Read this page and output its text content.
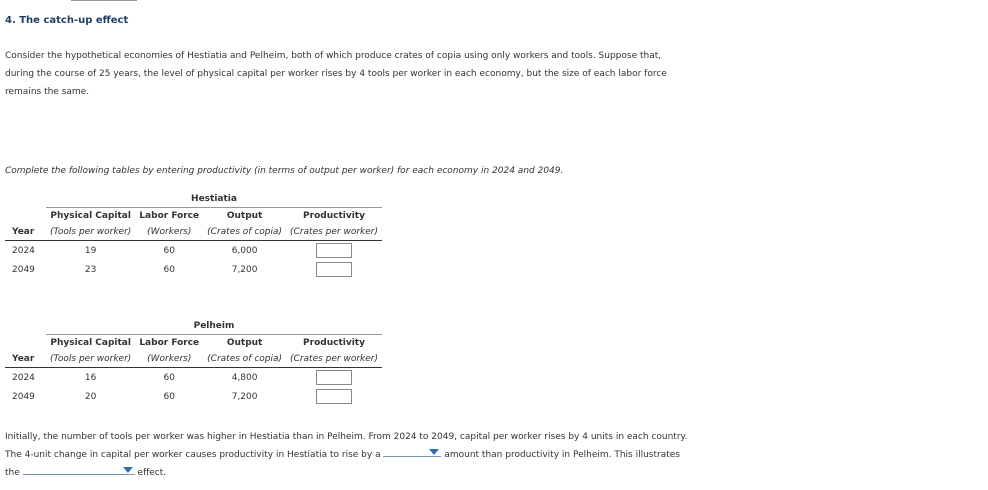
4. The catch-up effect

Consider the hypothetical economies of Hestiatia and Pelheim, both of which produce crates of copia using only workers and tools. Suppose that, during the course of 25 years, the level of physical capital per worker rises by 4 tools per worker in each economy, but the size of each labor force remains the same.

Complete the following tables by entering productivity (in terms of output per worker) for each economy in 2024 and 2049.

	Hestiatia			
	Physical Capital	Labor Force	Output	Productivity
Year	(Tools per worker)	(Workers)	(Crates of copia)	(Crates per worker)
2024	19	60	6,000	
2049	23	60	7,200	
	Pelheim			
	Physical Capital	Labor Force	Output	Productivity
Year	(Tools per worker)	(Workers)	(Crates of copia)	(Crates per worker)
2024	16	60	4,800	
2049	20	60	7,200	

Initially, the number of tools per worker was higher in Hestiatia than in Pelheim. From 2024 to 2049, capital per worker rises by 4 units in each country. The 4-unit change in capital per worker causes productivity in Hestiatia to rise by a	amount than productivity in Pelheim. This illustrates the	effect.
